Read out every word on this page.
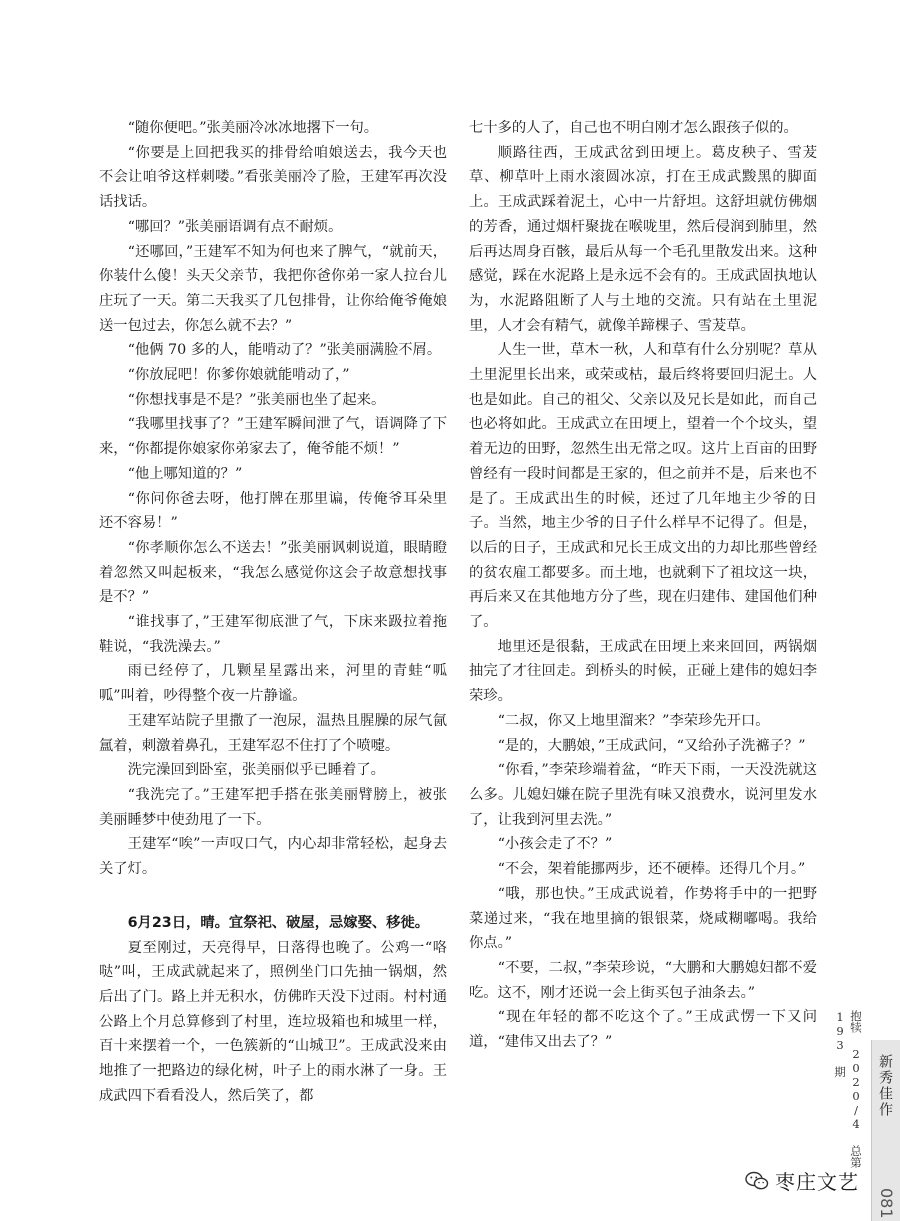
“随你便吧。”张美丽冷冰冰地撂下一句。

“你要是上回把我买的排骨给咱娘送去，我今天也不会让咱爷这样刺喽。”看张美丽冷了脸，王建军再次没话找话。

“哪回？”张美丽语调有点不耐烦。

“还哪回，”王建军不知为何也来了脾气，“就前天，你装什么傻！头天父亲节，我把你爸你弟一家人拉台儿庄玩了一天。第二天我买了几包排骨，让你给俺爷俺娘送一包过去，你怎么就不去？”

“他俩 70 多的人，能啃动了？”张美丽满脸不屑。

“你放屁吧！你爹你娘就能啃动了，”

“你想找事是不是？”张美丽也坐了起来。

“我哪里找事了？”王建军瞬间泄了气，语调降了下来，“你都提你娘家你弟家去了，俺爷能不烦！”

“他上哪知道的？”

“你问你爸去呀，他打牌在那里谝，传俺爷耳朵里还不容易！”

“你孝顺你怎么不送去！”张美丽讽刺说道，眼睛瞪着忽然又叫起板来，“我怎么感觉你这会子故意想找事是不？”

“谁找事了，”王建军彻底泄了气，下床来趿拉着拖鞋说，“我洗澡去。”

雨已经停了，几颗星星露出来，河里的青蛙“呱呱”叫着，吵得整个夜一片静谧。

王建军站院子里撒了一泡尿，温热且腥臊的尿气氤氲着，刺激着鼻孔，王建军忍不住打了个喷嚏。

洗完澡回到卧室，张美丽似乎已睡着了。

“我洗完了。”王建军把手搭在张美丽臂膀上，被张美丽睡梦中使劲甩了一下。

王建军“唉”一声叹口气，内心却非常轻松，起身去关了灯。

6月23日，晴。宜祭祀、破屋，忌嫁娶、移徙。

夏至刚过，天亮得早，日落得也晚了。公鸡一“咯哒”叫，王成武就起来了，照例坐门口先抽一锅烟，然后出了门。路上并无积水，仿佛昨天没下过雨。村村通公路上个月总算修到了村里，连垃圾箱也和城里一样，百十来摆着一个，一色簇新的“山城卫”。王成武没来由地推了一把路边的绿化树，叶子上的雨水淋了一身。王成武四下看看没人，然后笑了，都

七十多的人了，自己也不明白刚才怎么跟孩子似的。

顺路往西，王成武岔到田埂上。葛皮秧子、雪茇草、柳草叶上雨水滚圆冰凉，打在王成武黢黑的脚面上。王成武踩着泥土，心中一片舒坦。这舒坦就仿佛烟的芳香，通过烟杆聚拢在喉咙里，然后侵润到肺里，然后再达周身百骸，最后从每一个毛孔里散发出来。这种感觉，踩在水泥路上是永远不会有的。王成武固执地认为，水泥路阻断了人与土地的交流。只有站在土里泥里，人才会有精气，就像羊蹄棵子、雪茇草。

人生一世，草木一秋，人和草有什么分别呢？草从土里泥里长出来，或荣或枯，最后终将要回归泥土。人也是如此。自己的祖父、父亲以及兄长是如此，而自己也必将如此。王成武立在田埂上，望着一个个坟头，望着无边的田野，忽然生出无常之叹。这片上百亩的田野曾经有一段时间都是王家的，但之前并不是，后来也不是了。王成武出生的时候，还过了几年地主少爷的日子。当然，地主少爷的日子什么样早不记得了。但是，以后的日子，王成武和兄长王成文出的力却比那些曾经的贫农雇工都要多。而土地，也就剩下了祖坟这一块，再后来又在其他地方分了些，现在归建伟、建国他们种了。

地里还是很黏，王成武在田埂上来来回回，两锅烟抽完了才往回走。到桥头的时候，正碰上建伟的媳妇李荣珍。

“二叔，你又上地里溜来？”李荣珍先开口。

“是的，大鹏娘，”王成武问，“又给孙子洗褯子？”

“你看，”李荣珍端着盆，“昨天下雨，一天没洗就这么多。儿媳妇嫌在院子里洗有味又浪费水，说河里发水了，让我到河里去洗。”

“小孩会走了不？”

“不会，架着能挪两步，还不硬棒。还得几个月。”

“哦，那也快。”王成武说着，作势将手中的一把野菜递过来，“我在地里摘的银银菜，烧咸糊嘟喝。我给你点。”

“不要，二叔，”李荣珍说，“大鹏和大鹏媳妇都不爱吃。这不，刚才还说一会上街买包子油条去。”

“现在年轻的都不吃这个了。”王成武愣一下又问道，“建伟又出去了？”

新秀佳作
抱犊 2020/4 总第 193 期
081
枣庄文艺
